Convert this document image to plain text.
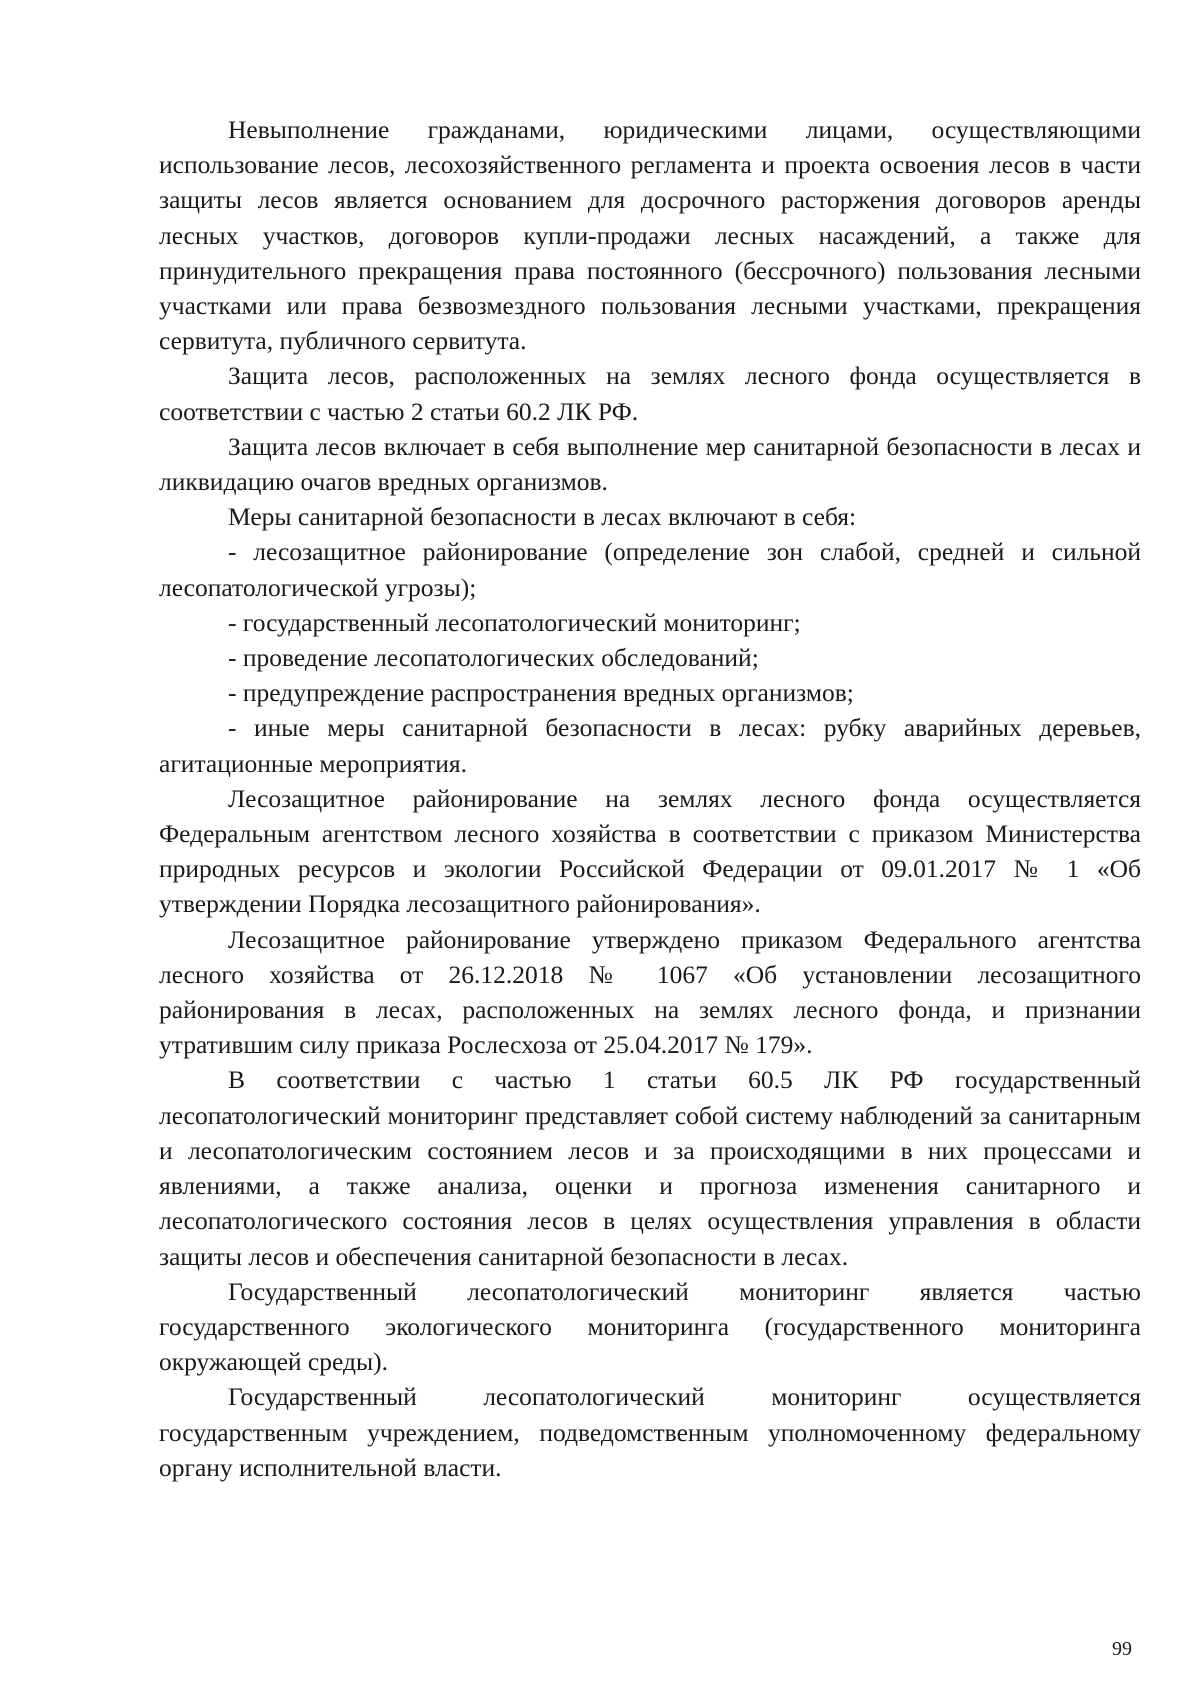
Невыполнение гражданами, юридическими лицами, осуществляющими использование лесов, лесохозяйственного регламента и проекта освоения лесов в части защиты лесов является основанием для досрочного расторжения договоров аренды лесных участков, договоров купли-продажи лесных насаждений, а также для принудительного прекращения права постоянного (бессрочного) пользования лесными участками или права безвозмездного пользования лесными участками, прекращения сервитута, публичного сервитута.

Защита лесов, расположенных на землях лесного фонда осуществляется в соответствии с частью 2 статьи 60.2 ЛК РФ.

Защита лесов включает в себя выполнение мер санитарной безопасности в лесах и ликвидацию очагов вредных организмов.

Меры санитарной безопасности в лесах включают в себя:

- лесозащитное районирование (определение зон слабой, средней и сильной лесопатологической угрозы);

- государственный лесопатологический мониторинг;

- проведение лесопатологических обследований;

- предупреждение распространения вредных организмов;

- иные меры санитарной безопасности в лесах: рубку аварийных деревьев, агитационные мероприятия.

Лесозащитное районирование на землях лесного фонда осуществляется Федеральным агентством лесного хозяйства в соответствии с приказом Министерства природных ресурсов и экологии Российской Федерации от 09.01.2017 № 1 «Об утверждении Порядка лесозащитного районирования».

Лесозащитное районирование утверждено приказом Федерального агентства лесного хозяйства от 26.12.2018 № 1067 «Об установлении лесозащитного районирования в лесах, расположенных на землях лесного фонда, и признании утратившим силу приказа Рослесхоза от 25.04.2017 № 179».

В соответствии с частью 1 статьи 60.5 ЛК РФ государственный лесопатологический мониторинг представляет собой систему наблюдений за санитарным и лесопатологическим состоянием лесов и за происходящими в них процессами и явлениями, а также анализа, оценки и прогноза изменения санитарного и лесопатологического состояния лесов в целях осуществления управления в области защиты лесов и обеспечения санитарной безопасности в лесах.

Государственный лесопатологический мониторинг является частью государственного экологического мониторинга (государственного мониторинга окружающей среды).

Государственный лесопатологический мониторинг осуществляется государственным учреждением, подведомственным уполномоченному федеральному органу исполнительной власти.

99
